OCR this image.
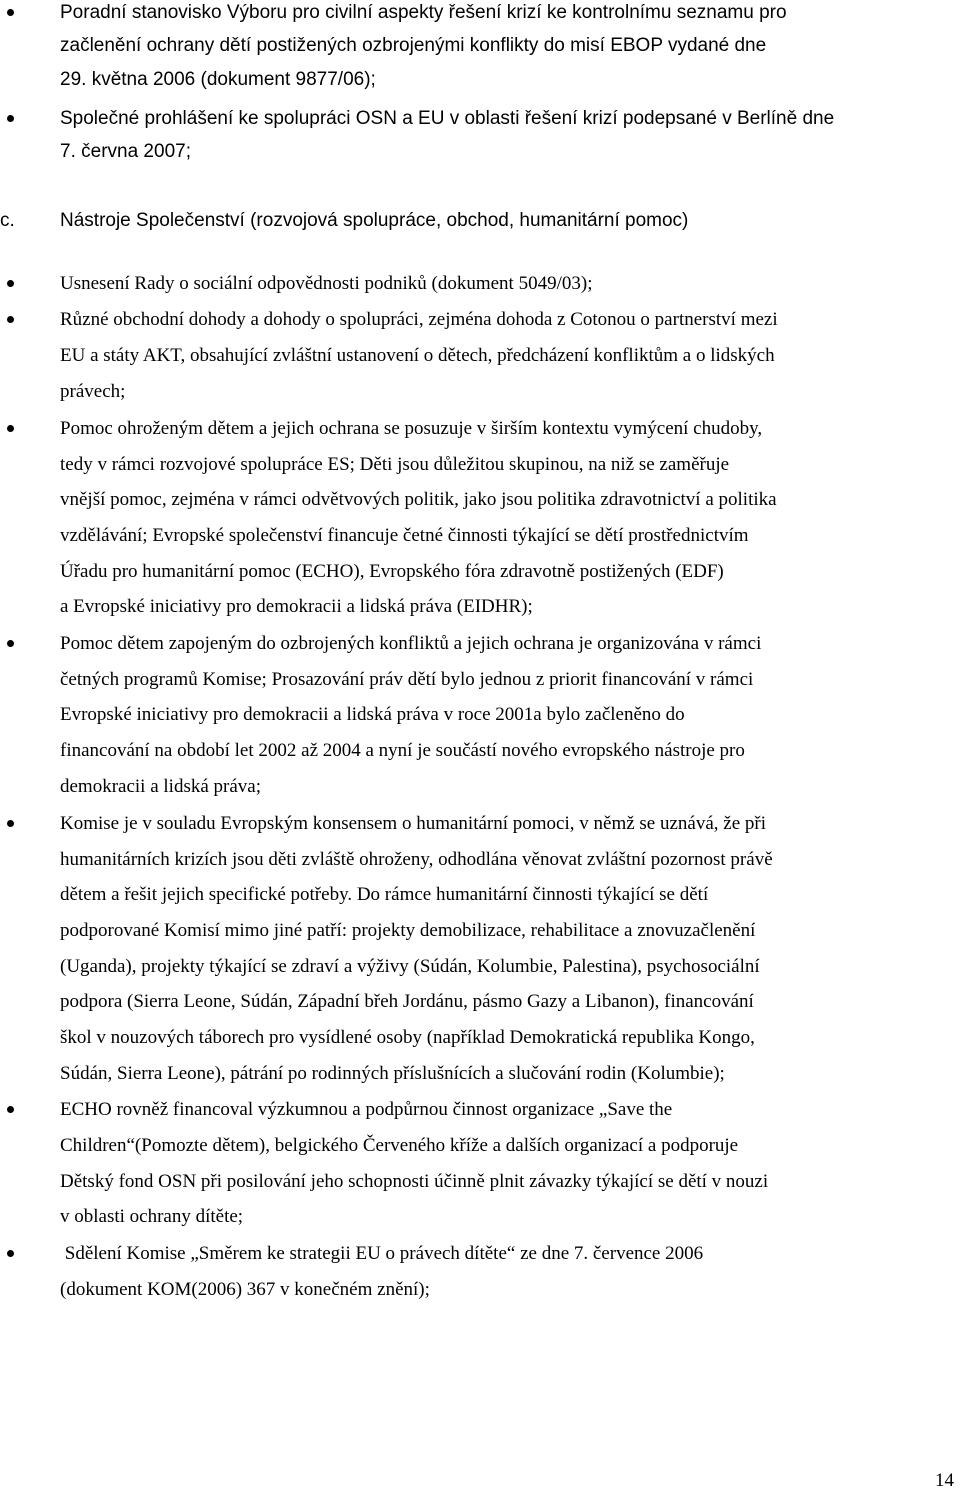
Poradní stanovisko Výboru pro civilní aspekty řešení krizí ke kontrolnímu seznamu pro
začlenění ochrany dětí postižených ozbrojenými konflikty do misí EBOP vydané dne
29. května 2006 (dokument 9877/06);
Společné prohlášení ke spolupráci OSN a EU v oblasti řešení krizí podepsané v Berlíně dne
7. června 2007;
c. Nástroje Společenství (rozvojová spolupráce, obchod, humanitární pomoc)
Usnesení Rady o sociální odpovědnosti podniků (dokument 5049/03);
Různé obchodní dohody a dohody o spolupráci, zejména dohoda z Cotonou o partnerství mezi
EU a státy AKT, obsahující zvláštní ustanovení o dětech, předcházení konfliktům a o lidských
právech;
Pomoc ohroženým dětem a jejich ochrana se posuzuje v širším kontextu vymýcení chudoby,
tedy v rámci rozvojové spolupráce ES; Děti jsou důležitou skupinou, na niž se zaměřuje
vnější pomoc, zejména v rámci odvětvových politik, jako jsou politika zdravotnictví a politika
vzdělávání; Evropské společenství financuje četné činnosti týkající se dětí prostřednictvím
Úřadu pro humanitární pomoc (ECHO), Evropského fóra zdravotně postižených (EDF)
a Evropské iniciativy pro demokracii a lidská práva (EIDHR);
Pomoc dětem zapojeným do ozbrojených konfliktů a jejich ochrana je organizována v rámci
četných programů Komise; Prosazování práv dětí bylo jednou z priorit financování v rámci
Evropské iniciativy pro demokracii a lidská práva v roce 2001a bylo začleněno do
financování na období let 2002 až 2004 a nyní je součástí nového evropského nástroje pro
demokracii a lidská práva;
Komise je v souladu Evropským konsensem o humanitární pomoci, v němž se uznává, že při
humanitárních krizích jsou děti zvláště ohroženy, odhodlána věnovat zvláštní pozornost právě
dětem a řešit jejich specifické potřeby. Do rámce humanitární činnosti týkající se dětí
podporované Komisí mimo jiné patří: projekty demobilizace, rehabilitace a znovuzačlenění
(Uganda), projekty týkající se zdraví a výživy (Súdán, Kolumbie, Palestina), psychosociální
podpora (Sierra Leone, Súdán, Západní břeh Jordánu, pásmo Gazy a Libanon), financování
škol v nouzových táborech pro vysídlené osoby (například Demokratická republika Kongo,
Súdán, Sierra Leone), pátrání po rodinných příslušnících a slučování rodin (Kolumbie);
ECHO rovněž financoval výzkumnou a podpůrnou činnost organizace „Save the
Children“(Pomozte dětem), belgického Červeného kříže a dalších organizací a podporuje
Dětský fond OSN při posilování jeho schopnosti účinně plnit závazky týkající se dětí v nouzi
v oblasti ochrany dítěte;
Sdělení Komise „Směrem ke strategii EU o právech dítěte“ ze dne 7. července 2006
(dokument KOM(2006) 367 v konečném znění);
14
